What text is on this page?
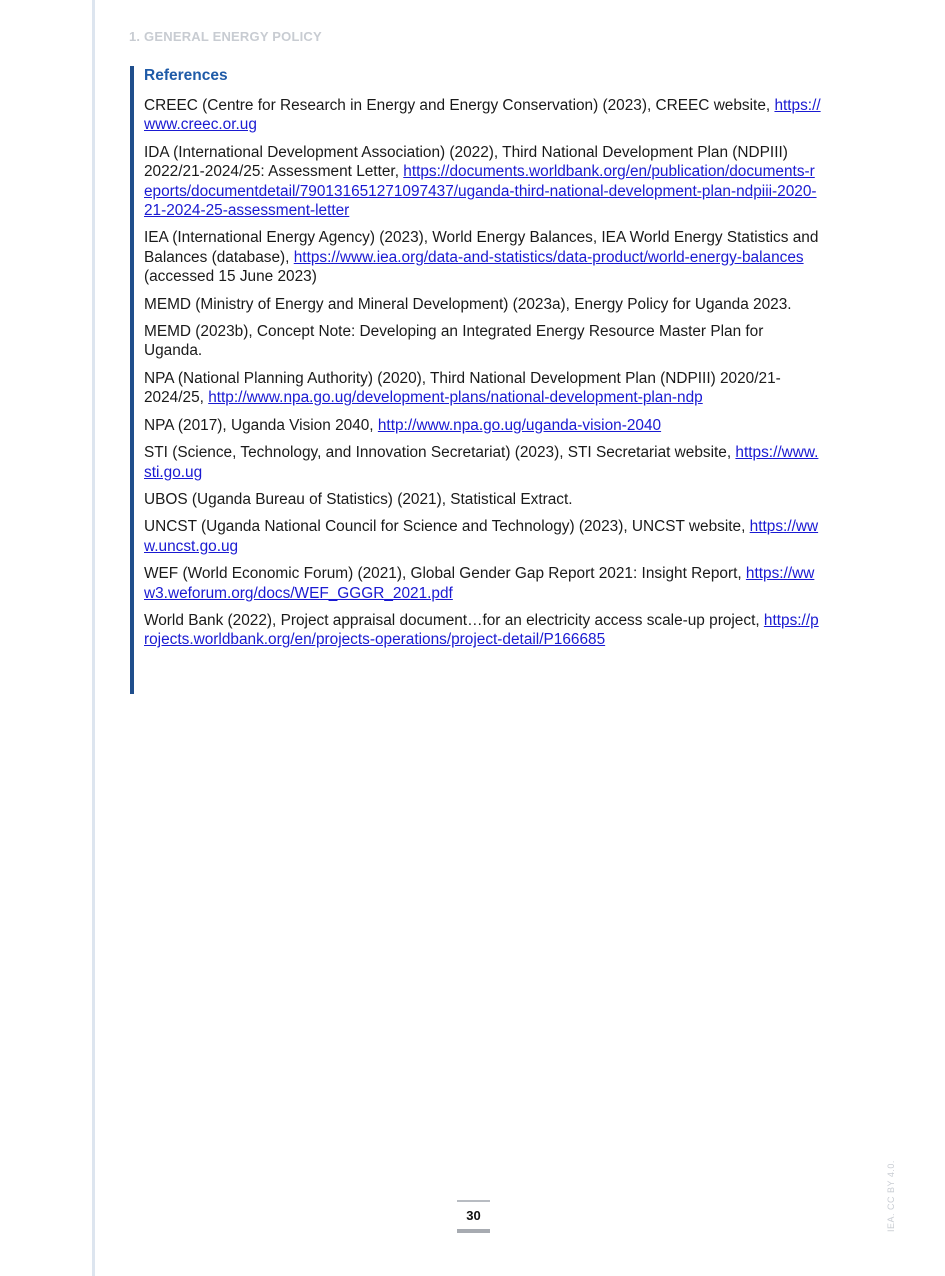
1. GENERAL ENERGY POLICY
References
CREEC (Centre for Research in Energy and Energy Conservation) (2023), CREEC website, https://www.creec.or.ug
IDA (International Development Association) (2022), Third National Development Plan (NDPIII) 2022/21-2024/25: Assessment Letter, https://documents.worldbank.org/en/publication/documents-reports/documentdetail/790131651271097437/uganda-third-national-development-plan-ndpiii-2020-21-2024-25-assessment-letter
IEA (International Energy Agency) (2023), World Energy Balances, IEA World Energy Statistics and Balances (database), https://www.iea.org/data-and-statistics/data-product/world-energy-balances (accessed 15 June 2023)
MEMD (Ministry of Energy and Mineral Development) (2023a), Energy Policy for Uganda 2023.
MEMD (2023b), Concept Note: Developing an Integrated Energy Resource Master Plan for Uganda.
NPA (National Planning Authority) (2020), Third National Development Plan (NDPIII) 2020/21-2024/25, http://www.npa.go.ug/development-plans/national-development-plan-ndp
NPA (2017), Uganda Vision 2040, http://www.npa.go.ug/uganda-vision-2040
STI (Science, Technology, and Innovation Secretariat) (2023), STI Secretariat website, https://www.sti.go.ug
UBOS (Uganda Bureau of Statistics) (2021), Statistical Extract.
UNCST (Uganda National Council for Science and Technology) (2023), UNCST website, https://www.uncst.go.ug
WEF (World Economic Forum) (2021), Global Gender Gap Report 2021: Insight Report, https://www3.weforum.org/docs/WEF_GGGR_2021.pdf
World Bank (2022), Project appraisal document…for an electricity access scale-up project, https://projects.worldbank.org/en/projects-operations/project-detail/P166685
IEA. CC BY 4.0.
30
